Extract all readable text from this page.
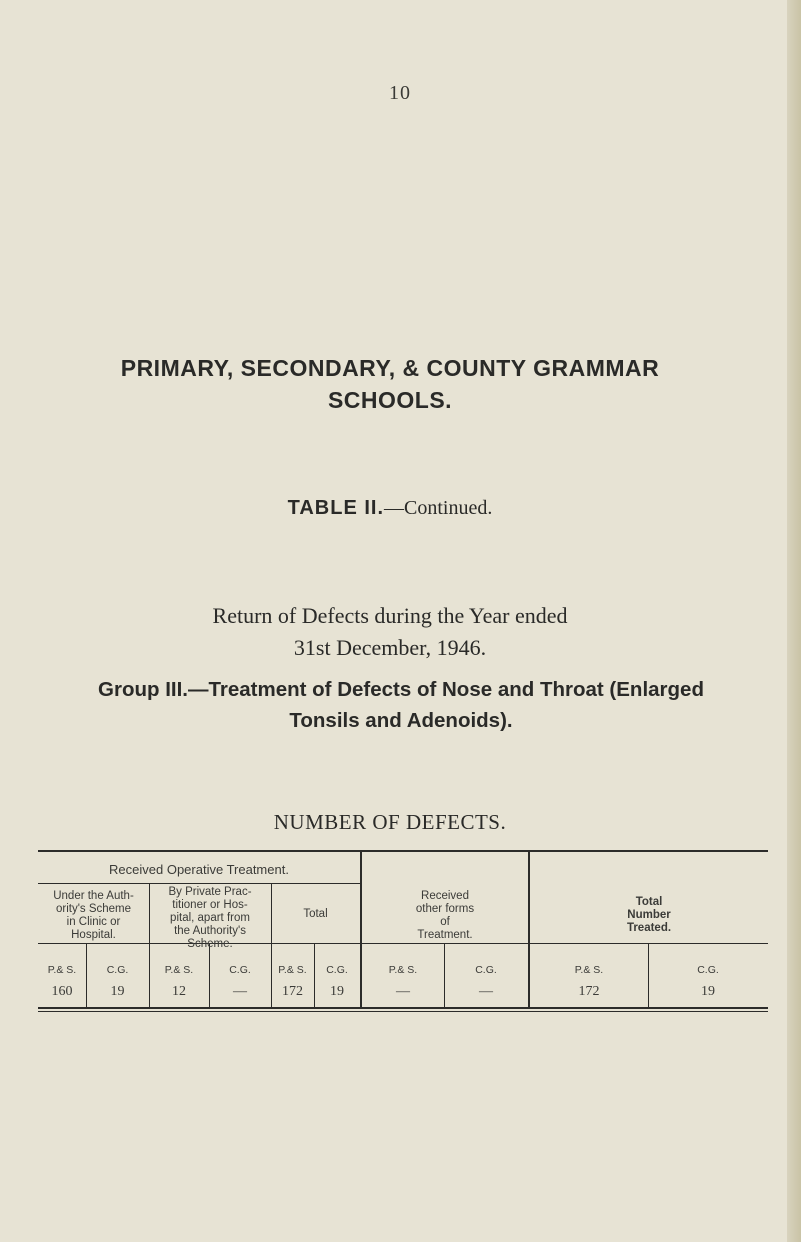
10
PRIMARY, SECONDARY, & COUNTY GRAMMAR
SCHOOLS.
TABLE II.—Continued.
Return of Defects during the Year ended
31st December, 1946.
Group III.—Treatment of Defects of Nose and Throat (Enlarged
Tonsils and Adenoids).
NUMBER OF DEFECTS.
Received Operative Treatment.
Under the Auth-
ority's Scheme
in Clinic or
Hospital.
By Private Prac-
titioner or Hos-
pital, apart from
the Authority's
Scheme.
Total
Received
other forms
of
Treatment.
Total
Number
Treated.
P.& S.	C.G.	P.& S.	C.G.	P.& S.	C.G.	P.& S.	C.G.	P.& S.	C.G.
160	19	12	—	172	19	—	—	172	19
